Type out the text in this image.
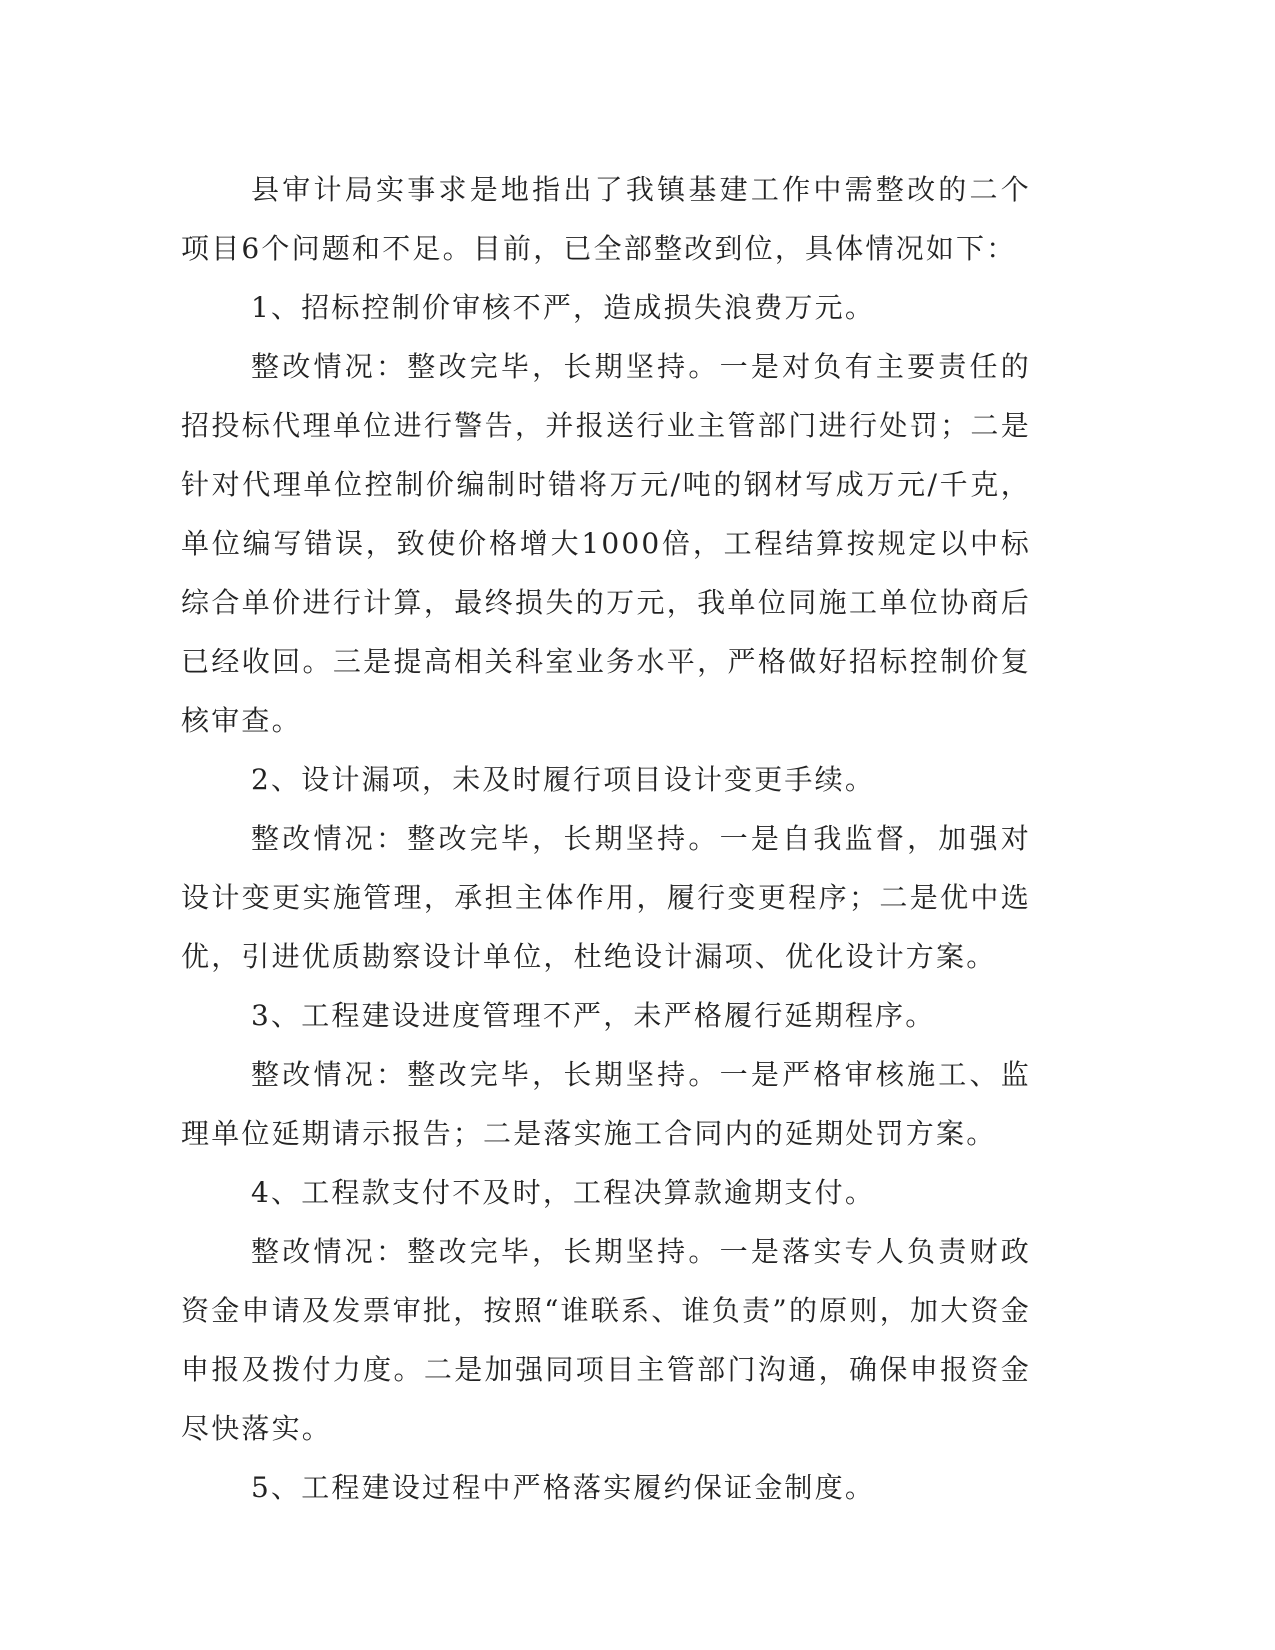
县审计局实事求是地指出了我镇基建工作中需整改的二个项目6个问题和不足。目前，已全部整改到位，具体情况如下：

1、招标控制价审核不严，造成损失浪费万元。

整改情况：整改完毕，长期坚持。一是对负有主要责任的招投标代理单位进行警告，并报送行业主管部门进行处罚；二是针对代理单位控制价编制时错将万元/吨的钢材写成万元/千克，单位编写错误，致使价格增大1000倍，工程结算按规定以中标综合单价进行计算，最终损失的万元，我单位同施工单位协商后已经收回。三是提高相关科室业务水平，严格做好招标控制价复核审查。

2、设计漏项，未及时履行项目设计变更手续。

整改情况：整改完毕，长期坚持。一是自我监督，加强对设计变更实施管理，承担主体作用，履行变更程序；二是优中选优，引进优质勘察设计单位，杜绝设计漏项、优化设计方案。

3、工程建设进度管理不严，未严格履行延期程序。

整改情况：整改完毕，长期坚持。一是严格审核施工、监理单位延期请示报告；二是落实施工合同内的延期处罚方案。

4、工程款支付不及时，工程决算款逾期支付。

整改情况：整改完毕，长期坚持。一是落实专人负责财政资金申请及发票审批，按照“谁联系、谁负责”的原则，加大资金申报及拨付力度。二是加强同项目主管部门沟通，确保申报资金尽快落实。

5、工程建设过程中严格落实履约保证金制度。
